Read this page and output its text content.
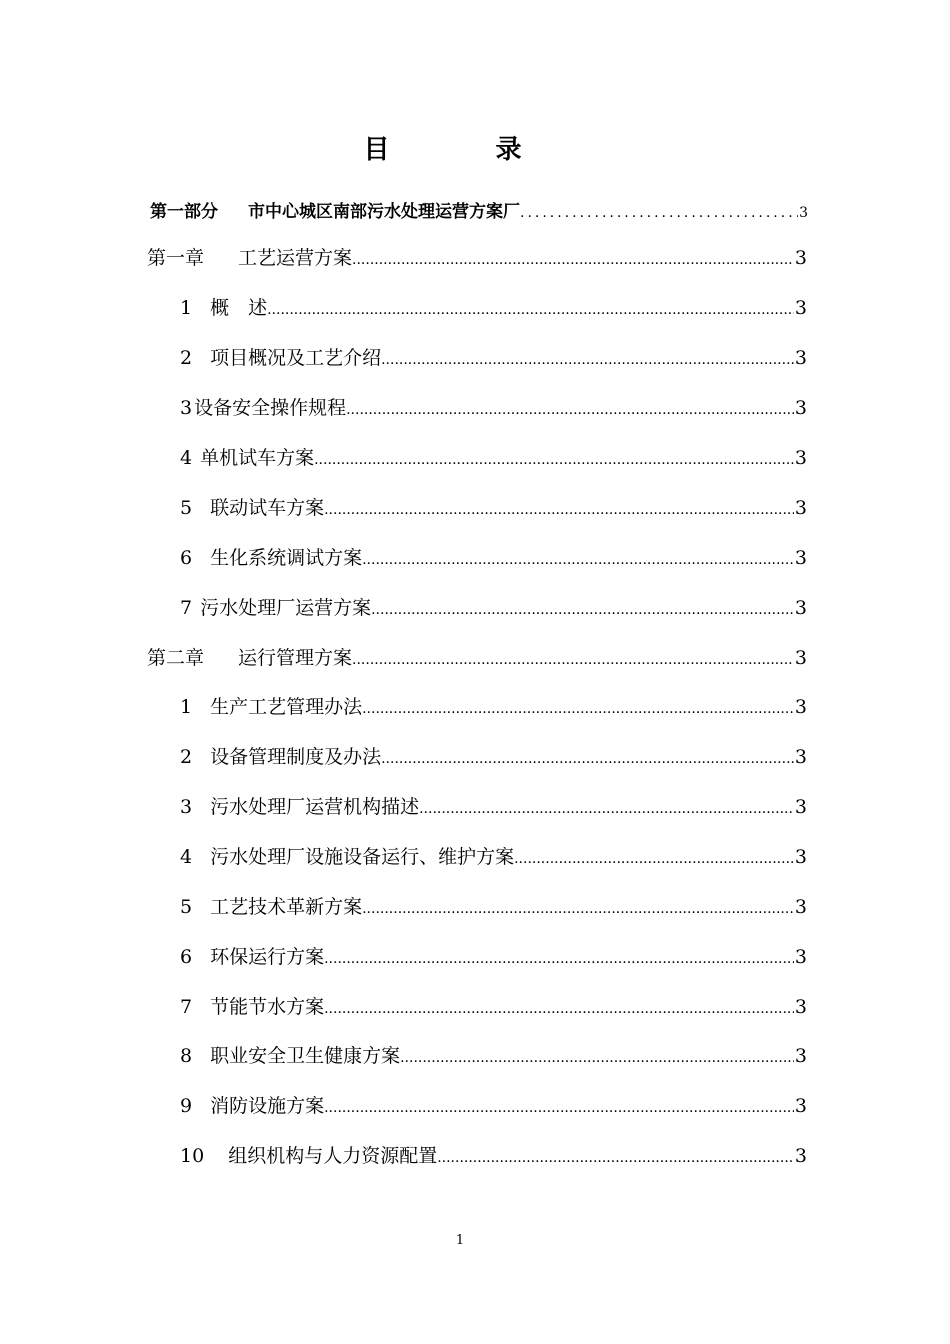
目　录
第一部分 市中心城区南部污水处理运营方案厂 .....	3
第一章 工艺运营方案 .....	3
1 概　述 .....	3
2 项目概况及工艺介绍 .....	3
3 设备安全操作规程 .....	3
4 单机试车方案 .....	3
5 联动试车方案 .....	3
6 生化系统调试方案 .....	3
7 污水处理厂运营方案 .....	3
第二章 运行管理方案 .....	3
1 生产工艺管理办法 .....	3
2 设备管理制度及办法 .....	3
3 污水处理厂运营机构描述 .....	3
4 污水处理厂设施设备运行、维护方案 .....	3
5 工艺技术革新方案 .....	3
6 环保运行方案 .....	3
7 节能节水方案 .....	3
8 职业安全卫生健康方案 .....	3
9 消防设施方案 .....	3
10 组织机构与人力资源配置 .....	3
1
